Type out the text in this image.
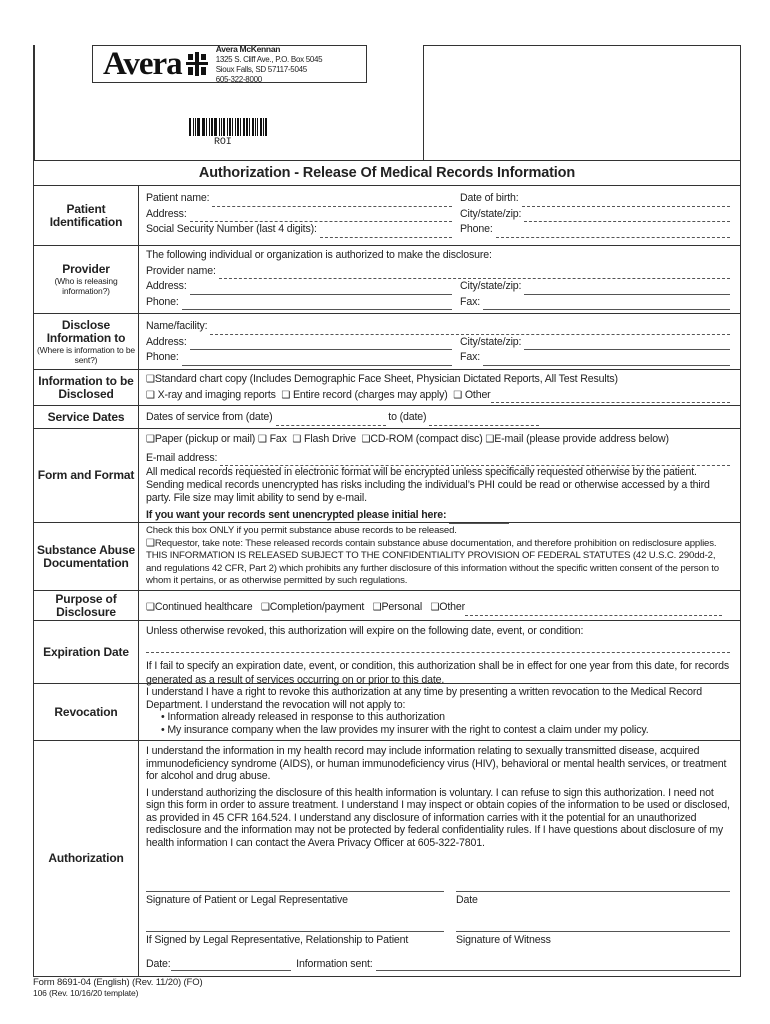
Avera	Avera McKennan
1325 S. Cliff Ave., P.O. Box 5045
Sioux Falls, SD 57117-5045
605-322-8000
ROI
Authorization - Release Of Medical Records Information
Patient Identification
Patient name:	Date of birth:
Address:	City/state/zip:
Social Security Number (last 4 digits):	Phone:
Provider
(Who is releasing information?)
The following individual or organization is authorized to make the disclosure:
Provider name:
Address:	City/state/zip:
Phone:	Fax:
Disclose Information to
(Where is information to be sent?)
Name/facility:
Address:	City/state/zip:
Phone:	Fax:
Information to be Disclosed
❑Standard chart copy (Includes Demographic Face Sheet, Physician Dictated Reports, All Test Results)
❑
X-ray and imaging reports
❑
Entire record (charges may apply)
❑
Other
Service Dates	Dates of service from (date)
	to (date)
Form and Format
❑Paper (pickup or mail) ❑ Fax ❑ Flash Drive ❑CD-ROM (compact disc) ❑E-mail (please provide address below)
E-mail address:
All medical records requested in electronic format will be encrypted unless specifically requested otherwise by the patient. Sending medical records unencrypted has risks including the individual’s PHI could be read or otherwise accessed by a third party. File size may limit ability to send by e-mail.
If you want your records sent unencrypted please initial here:
Substance Abuse Documentation
Check this box ONLY if you permit substance abuse records to be released.
❑Requestor, take note: These released records contain substance abuse documentation, and therefore prohibition on redisclosure applies. THIS INFORMATION IS RELEASED SUBJECT TO THE CONFIDENTIALITY PROVISION OF FEDERAL STATUTES (42 U.S.C. 290dd-2, and regulations 42 CFR, Part 2) which prohibits any further disclosure of this information without the specific written consent of the person to whom it pertains, or as otherwise permitted by such regulations.
Purpose of Disclosure	❑ Continued healthcare
❑ Completion/payment
❑ Personal
❑ Other
Expiration Date
Unless otherwise revoked, this authorization will expire on the following date, event, or condition:
If I fail to specify an expiration date, event, or condition, this authorization shall be in effect for one year from this date, for records generated as a result of services occurring on or prior to this date.
Revocation
I understand I have a right to revoke this authorization at any time by presenting a written revocation to the Medical Record Department. I understand the revocation will not apply to:
• Information already released in response to this authorization
• My insurance company when the law provides my insurer with the right to contest a claim under my policy.
Authorization
I understand the information in my health record may include information relating to sexually transmitted disease, acquired immunodeficiency syndrome (AIDS), or human immunodeficiency virus (HIV), behavioral or mental health services, or treatment for alcohol and drug abuse.
I understand authorizing the disclosure of this health information is voluntary. I can refuse to sign this authorization. I need not sign this form in order to assure treatment. I understand I may inspect or obtain copies of the information to be used or disclosed, as provided in 45 CFR 164.524. I understand any disclosure of information carries with it the potential for an unauthorized redisclosure and the information may not be protected by federal confidentiality rules. If I have questions about disclosure of my health information I can contact the Avera Privacy Officer at 605-322-7801.
Signature of Patient or Legal Representative	Date
If Signed by Legal Representative, Relationship to Patient	Signature of Witness
Date:
	Information sent:
Form 8691-04 (English) (Rev. 11/20) (FO)
106 (Rev. 10/16/20 template)
